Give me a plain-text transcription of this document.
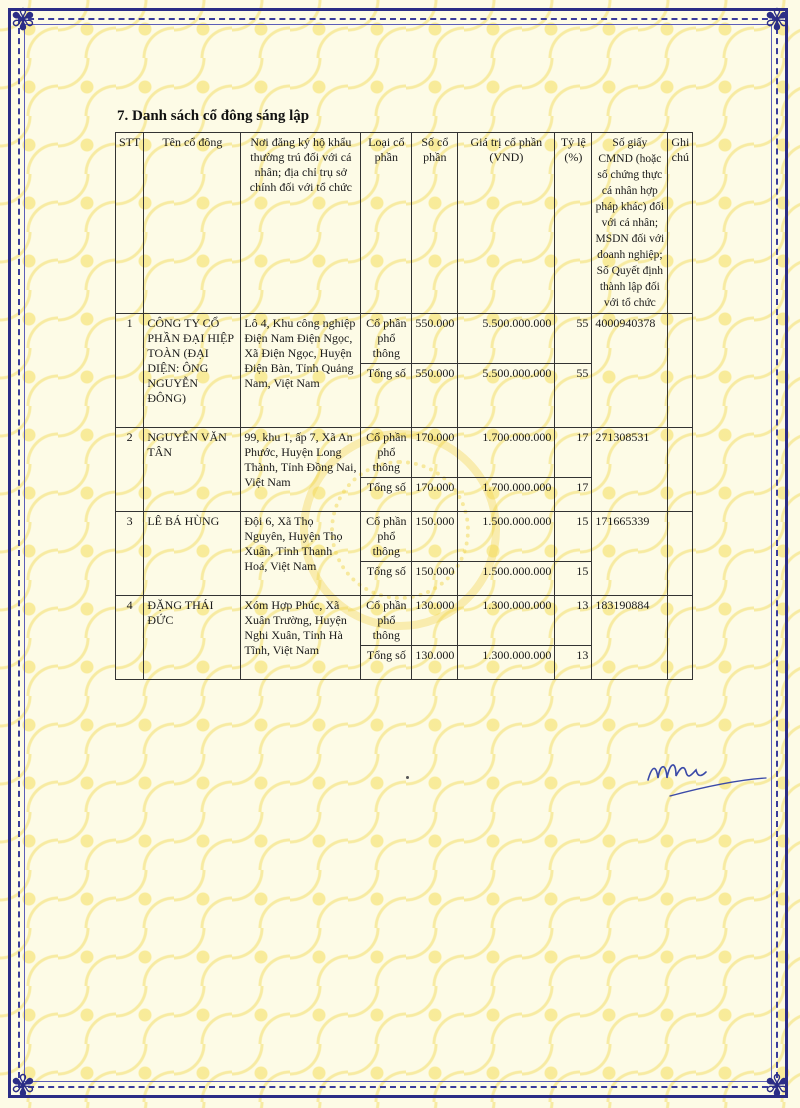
✾	✾
✾	✾
7. Danh sách cổ đông sáng lập
STT	Tên cổ đông	Nơi đăng ký hộ khẩu thường trú đối với cá nhân; địa chỉ trụ sở chính đối với tổ chức	Loại cổ phần	Số cổ phần	Giá trị cổ phần (VND)	Tỷ lệ (%)	Số giấy CMND (hoặc số chứng thực cá nhân hợp pháp khác) đối với cá nhân; MSDN đối với doanh nghiệp; Số Quyết định thành lập đối với tổ chức	Ghi chú
1	CÔNG TY CỔ PHẦN ĐẠI HIỆP TOÀN (ĐẠI DIỆN: ÔNG NGUYỄN ĐÔNG)	Lô 4, Khu công nghiệp Điện Nam Điện Ngọc, Xã Điện Ngọc, Huyện Điện Bàn, Tỉnh Quảng Nam, Việt Nam	Cổ phần phổ thông	550.000	5.500.000.000	55	4000940378	
			Tổng số	550.000	5.500.000.000	55		
2	NGUYỄN VĂN TÂN	99, khu 1, ấp 7, Xã An Phước, Huyện Long Thành, Tỉnh Đồng Nai, Việt Nam	Cổ phần phổ thông	170.000	1.700.000.000	17	271308531	
			Tổng số	170.000	1.700.000.000	17		
3	LÊ BÁ HÙNG	Đội 6, Xã Thọ Nguyên, Huyện Thọ Xuân, Tỉnh Thanh Hoá, Việt Nam	Cổ phần phổ thông	150.000	1.500.000.000	15	171665339	
			Tổng số	150.000	1.500.000.000	15		
4	ĐẶNG THÁI ĐỨC	Xóm Hợp Phúc, Xã Xuân Trường, Huyện Nghi Xuân, Tỉnh Hà Tĩnh, Việt Nam	Cổ phần phổ thông	130.000	1.300.000.000	13	183190884	
			Tổng số	130.000	1.300.000.000	13		
